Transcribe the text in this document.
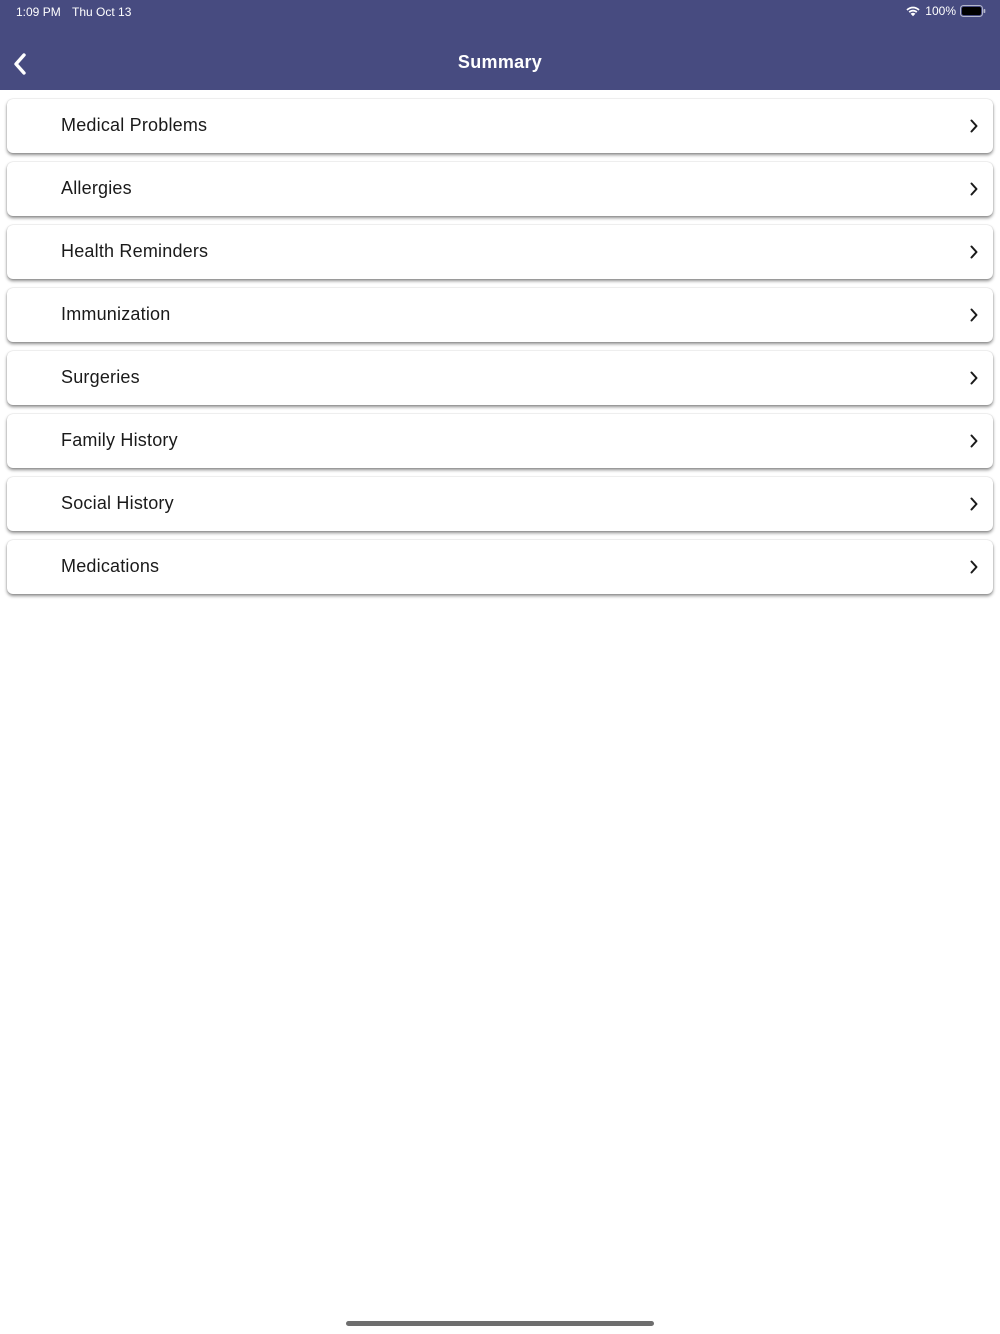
1:09 PM Thu Oct 13	100%
Summary
Medical Problems
Allergies
Health Reminders
Immunization
Surgeries
Family History
Social History
Medications
